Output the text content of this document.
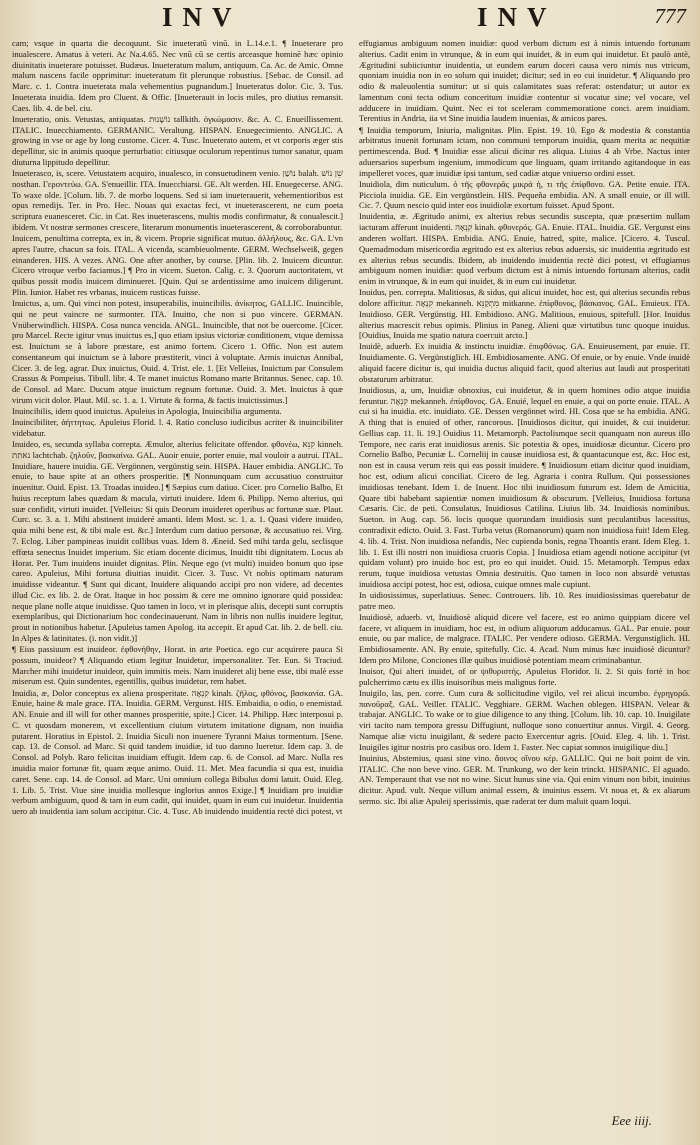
INV	INV	777

cam; vsque in quarta die decoquunt. Sic inueteratū vinū. in L.14.e.1. ¶ Inueterare pro inualescere. Amatus à veteri. Ac Na.4.65. Nec vnū cū se certis arceasque hominē hæc opinio diuinitatis inueterare potuisset. Budæus. Inueteratum malum, antiquum. Ca. Ac. de Amic. Omne malum nascens facile opprimitur: inueteratum fit plerunque robustius. [Sebac. de Consil. ad Marc. c. 1. Contra inueterata mala vehementius pugnandum.] Inueteratus dolor. Cic. 3. Tus. Inueterata inuidia. Idem pro Cluent. & Offic. [Inueterauit in locis miles, pro diutius remansit. Caes. lib. 4. de bel. ciu.

Inueteratio, onis. Vetustas, antiquatas. נוֹשָׁנוּת tallkith. ὀγκώμασιν. &c. A. C. Enueillissement. ITALIC. Inuecchiamento. GERMANIC. Veraltung. HISPAN. Enuegecimiento. ANGLIC. A growing in vse or age by long custome. Cicer. 4. Tusc. Inueterato autem, et vt corporis æger stis depellitur, sic in animis quoque perturbatio: citiusque oculorum repentinus tumor sanatur, quam diuturna lippitudo depellitur.

Inueterasco, is, scere. Vetustatem acquiro, inualesco, in consuetudinem venio. נוֹשַׁן balah. שֵׁן נוֹשׁ nosthan. Γεροντεύω. GA. S'enueillir. ITA. Inuecchiarsi. GE. Alt werden. HI. Enuegecerse. ANG. To waxe olde. [Colum. lib. 7. de morbo loquens. Sed si iam inueterauerit, vehementioribus est opus remedijs. Ter. in Pro. Hec. Nouas qui exactas feci, vt inueterascerent, ne cum poeta scriptura euanesceret. Cic. in Cat. Res inueterascens, multis modis confirmatur, & conualescit.] ibidem. Vt nostræ sermones crescere, literarum monumentis inueterascerent, & corroborabuntur.

Inuicem, penultima correpta, ex in, & vicem. Proprie significat mutuo. ἀλλήλους, &c. GA. L'vn apres l'autre, chacun sa fois. ITAL. A vicenda, scambieuolmente. GERM. Wechselweiß, gegen einanderen. HIS. A vezes. ANG. One after another, by course. [Plin. lib. 2. Inuicem dicuntur. Cicero vtroque verbo faciamus.] ¶ Pro in vicem. Sueton. Calig. c. 3. Quorum auctoritatem, vt quibus possit modis inuicem diminueret. [Quin. Qui se ardentissime amo inuicem diligerunt. Plin. Iunior. Habet res vrbanas, inuicem rusticas fuisse.

Inuictus, a, um. Qui vinci non potest, insuperabilis, inuincibilis. ἀνίκητος, GALLIC. Inuincible, qui ne peut vaincre ne surmonter. ITA. Inuitto, che non si puo vincere. GERMAN. Vnüberwindlich. HISPA. Cosa nunca vencida. ANGL. Inuincible, that not be ouercome. [Cicer. pro Marcel. Recte igitur vnus inuictus es,] quo etiam ipsius victoriæ conditionem, vtque demissa est. Inuictum se à labore præstare, est animo fortem. Cicero 1. Offic. Non est autem consentaneum qui inuictum se à labore præstiterit, vinci à voluptate. Armis inuictus Annibal, Cicer. 3. de leg. agrar. Dux inuictus, Ouid. 4. Trist. ele. 1. [Et Velleius, Inuictum par Consulem Crassus & Pompeius. Tibull. libr. 4. Te manet inuictus Romano marte Britannus. Senec. cap. 10. de Consol. ad Marc. Ducum atque inuictum regnum fortunæ. Ouid. 3. Met. Inuictus à quæ virum vicit dolor. Plaut. Mil. sc. 1. a. 1. Virtute & forma, & factis inuictissimus.]

Inuincibilis, idem quod inuictus. Apuleius in Apologia, Inuincibilia argumenta.

Inuincibiliter, ἀήττητως. Apuleius Florid. l. 4. Ratio concluso iudicibus acriter & inuincibiliter videbatur.

Inuideo, es, secunda syllaba correpta. Æmulor, alterius felicitate offendor. φθονέω, קִנֵּא kinneh. נאתת lachtchab. ζηλοῦν, βασκαίνω. GAL. Auoir enuie, porter enuie, mal vouloir a autrui. ITAL. Inuidiare, hauere inuidia. GE. Vergönnen, vergünstig sein. HISPA. Hauer embidia. ANGLIC. To enuie, to haue spite at an others prosperitie. [¶ Nonnunquam cum accusatiuo construitur inuenitur. Ouid. Epist. 13. Troadas inuideo.] ¶ Sæpius cum datiuo. Cicer. pro Cornelio Balbo, Et huius receptum labes quædam & macula, virtuti inuidere. Idem 6. Philipp. Nemo alterius, qui suæ confidit, virtuti inuidet. [Velleius: Si quis Deorum inuideret operibus ac fortunæ suæ. Plaut. Curc. sc. 3. a. 1. Mihi abstinent inuideré amanti. Idem Most. sc. 1. a. 1. Quasi videre inuideo, quia mihi bene est, & tibi male est. &c.] Interdum cum datiuo personæ, & accusatiuo rei. Virg. 7. Eclog. Liber pampineas inuidit collibus vuas. Idem 8. Æneid. Sed mihi tarda gelu, seclisque effœta senectus Inuidet imperium. Sic etiam docente dicimus, Inuidit tibi dignitatem. Locus ab Horat. Per. Tum inuidens inuidet dignitas. Plin. Neque ego (vt multi) inuideo bonum quo ipse careo. Apuleius, Mihi fortuna diuitias inuidit. Cicer. 3. Tusc. Vt nobis optimam naturam inuidisse videantur. ¶ Sunt qui dicant, Inuidere aliquando accipi pro non videre, ad decentes illud Cic. ex lib. 2. de Orat. Itaque in hoc possim & cere me omnino ignorare quid possidea: neque plane nolle atque inuidisse. Quo tamen in loco, vt in plerisque aliis, decepti sunt corruptis exemplaribus, qui Dictionarium hoc condecinauerunt. Nam in libris non nullis inuidere legitur, prout in notionibus habetur. [Apuleius tamen Apolog. ita accepit. Et apud Cat. lib. 2. de bell. ciu. In Alpes & latinitates. (i. non vidit.)]

¶ Eius passiuum est inuideor. ἐφθονήθην, Horat. in arte Poetica. ego cur acquirere pauca Si possum, inuideor? ¶ Aliquando etiam legitur Inuidetur, impersonaliter. Ter. Eun. Si Traciud. Marcher mihi inuidetur inuideor, quin immitis meis. Nam inuideret alij bene esse, tibi malè esse miserum est. Quin sundentes, egentillis, quibus inuidetur, rem habet.

Inuidia, æ, Dolor conceptus ex aliena prosperitate. קִנְאָה kinah. ζῆλος, φθόνος, βασκανία. GA. Enuie, haine & male grace. ITA. Inuidia. GERM. Vergunst. HIS. Embaidia, o odio, o enemistad. AN. Enuie and ill will for other mannes prosperitie, spite.] Cicer. 14. Philipp. Hæc interposui p. C. vt quosdam monerem, vt excellentium ciuium virtutem imitatione dignam, non inuidia putarent. Horatius in Epistol. 2. Inuidia Siculi non inuenere Tyranni Maius tormentum. [Sene. cap. 13. de Consol. ad Marc. Si quid tandem inuidiæ, id tuo damno lueretur. Idem cap. 3. de Consol. ad Polyb. Raro felicitas inuidiam effugit. Idem cap. 6. de Consol. ad Marc. Nulla res inuidia maior fortunæ fit, quam æque animo. Ouid. 11. Met. Mea facundia si qua est, inuidia caret. Sene. cap. 14. de Consol. ad Marc. Uni omnium collega Bibulus domi latuit. Ouid. Eleg. 1. Lib. 5. Trist. Viue sine inuidia mollesque inglorius annos Exige.] ¶ Inuidiam pro inuidiæ verbum ambiguum, quod & tam in eum cadit, qui inuidet, quam in eum cui inuidetur. Inuidentia uero ab inuidentia iam solum accipitur. Cic. 4. Tusc. Ab inuidendo inuidentia rectè dici potest, vt

effugiamus ambiguum nomen inuidiæ: quod verbum dictum est à nimis intuendo fortunam alterius. Cadit enim in vtrunque, & in eum qui inuidet, & in eum qui inuidetur. Et paulò antè, Ægritudini subiiciuntur inuidentia, ut eundem earum doceri causa vero nimis nus vtricum, quoniam inuidia non in eo solum qui inuidet; dicitur; sed in eo cui inuidetur. ¶ Aliquando pro odio & maleuolentia sumitur: ut si quis calamitates suas referat: ostendatur; ut autor ex lamentum coni tecta odium conceritum inuidiæ contentur si vocatur sine; vel vocare, vel adducere in inuidiam. Quint. Nec ei tot sceleram commemoratione conci. arem inuidiam. Terentius in Andria, iia vt Sine inuidia laudem inuenias, & amicos pares.

¶ Inuidia temporum, Iniuria, malignitas. Plin. Epist. 19. 10. Ego & modestia & constantia arbitratus inuenit fortunam ictam, non communi temporum inuidia, quam merita ac nequitiæ pertimescenda. Bud. ¶ Inuidiæ esse alicui dicitur res aliqua. Liuius 4 ab Vrbe. Nactus inter aduersarios superbum ingenium, immodicum que linguam, quam irritando agitandoque in eas impelleret voces, quæ inuidiæ ipsi tantum, sed cadiæ atque vniuerso ordini esset.

Inuidiola, dim nuticulum. ὁ τῆς φθονερᾶς μικρά ἡ, τι τῆς ἐπίφθονο. GA. Petite enuie. ITA. Picciola inuidia. GE. Ein vergünstlein. HIS. Pequeña embidia. AN. A small enuie, or ill will. Cic. 7. Quum nescio quid inter eos inuidiolæ exortum fuisset. Apud Spont.

Inuidentia, æ. Ægritudo animi, ex alterius rebus secundis suscepta, quæ præsertim nullam iacturam afferunt inuidenti. קִנְאָה kinah. φθονερός. GA. Enuie. ITAL. Inuidia. GE. Vergunst eins anderen wolfart. HISPA. Embidia. ANG. Enuie, hatred, spite, malice. [Cicero. 4. Tuscul. Quemadmodum misericordia ægritudo est ex alterius rebus aduersis, sic inuidentia ægritudo est ex alterius rebus secundis. Ibidem, ab inuidendo inuidentia rectè dici potest, vt effugiamus ambiguum nomen inuidiæ: quod verbum dictum est à nimis intuendo fortunam alterius, cadit enim in vtrunque, & in eum qui inuidet, & in eum cui inuidetur.

Inuidus, pen. correpta. Malitiosus, & sidus, qui alicui inuidet, hoc est, qui alterius secundis rebus dolore afficitur. קִנְאָה mekanneh. מִתְקַנֵּא mitkanne. ἐπίφθονος, βάσκανος. GAL. Enuieux. ITA. Inuidioso. GER. Vergünstig. HI. Embidioso. ANG. Malitious, enuious, spitefull. [Hor. Inuidus alterius macrescit rebus opimis. Plinius in Paneg. Alieni quæ virtutibus tunc quoque inuidus. [Ouidius, Inuida me spatio natura coercuit arcto.]

Inuidè, aduerb. Ex inuidia & instinctu inuidiæ. ἐπιφθόνως. GA. Enuieusement, par enuie. IT. Inuidiamente. G. Vergünstiglich. HI. Embidiosamente. ANG. Of enuie, or by enuie. Vnde inuidè aliquid facere dicitur is, qui inuidia ductus aliquid facit, quod alterius aut laudi aut prosperitati obstaturum arbitratur.

Inuidiosus, a, um, Inuidiæ obnoxius, cui inuidetur, & in quem homines odio atque inuidia feruntur. קִנְאָה mekanneh. ἐπίφθονος. GA. Enuié, lequel en enuie, a qui on porte enuie. ITAL. A cui si ha inuidia. etc. inuidiato. GE. Dessen vergönnet wird. HI. Cosa que se ha embidia. ANG. A thing that is enuied of other, rancorous. [Inuidiosos dicitur, qui inuidet, & cui inuidetur. Gellius cap. 11. li. 19.] Ouidius 11. Metamorph. Pactolismque secit quanquam non aureus illo Tempore, nec caris erat inuidiosus arenis. Sic potestia & opes, inuidiosæ dicuntur. Cicero pro Cornelio Balbo, Pecuniæ L. Corneliij in causæ inuidiosa est, & quantacunque est, &c. Hoc est, non est in causa verum reis qui eas possit inuidere. ¶ Inuidiosum etiam dicitur quod inuidiam, hoc est, odium alicui conciliat. Cicero de leg. Agraria i contra Rullum. Qui possessiones inuidiosas tenebant. Idem 1. de Inuent. Hoc tibi inuidiosum futurum est. Idem de Amicitia, Quare tibi habebant sapientiæ nomen inuidiosum & obscurum. [Velleius, Inuidiosa fortuna Cæsaris. Cic. de peti. Consulatus, Inuidiosus Catilina. Liuius lib. 34. Inuidiosis nominibus. Sueton. in Aug. cap. 56. locis quoque quorundam inuidiosis sunt peculantibus lacessitus, contradixit edicto. Ouid. 3. Fast. Turba vetus (Romanorum) quam non inuidiosa fuit! Idem Eleg. 4. lib. 4. Trist. Non inuidiosa nefandis, Nec cupienda bonis, regna Thoantis erant. Idem Eleg. 1. lib. 1. Est illi nostri non inuidiosa cruoris Copia. ] Inuidiosa etiam agendi notione accipitur (vt quidam volunt) pro inuido hoc est, pro eo qui inuidet. Ouid. 15. Metamorph. Tempus edax rerum, tuque inuidiosa vetustas Omnia destruitis. Quo tamen in loco non absurdè vetustas inuidiosa accipi potest, hoc est, odiosa, cuique omnes male cupiunt.

In uidiosissimus, superlatiuus. Senec. Controuers. lib. 10. Res inuidiosissimas querebatur de patre meo.

Inuidiosè, aduerb. vt, Inuidiosè aliquid dicere vel facere, est eo animo quippiam dicere vel facere, vt aliquem in inuidiam, hoc est, in odium aliquorum adducamus. GAL. Par enuie. pour enuie, ou par malice, de malgrace. ITALIC. Per vendere odioso. GERMA. Vergunstiglich. HI. Embidiosamente. AN. By enuie, spitefully. Cic. 4. Acad. Num minus hæc inuidiosè dicuntur? Idem pro Milone, Conciones illæ quibus inuidiosè potentiam meam criminabantur.

Inuisor, Qui alteri inuidet, of or ψιθυριστής. Apuleius Floridor. li. 2. Si quis fortè in hoc pulcherrimo cætu ex illis inuisoribus meis malignus forte.

Inuigilo, las, pen. corre. Cum cura & sollicitudine vigilo, vel rei alicui incumbo. ἐγρηγορῶ. πανοῦραξ. GAL. Veiller. ITALIC. Vegghiare. GERM. Wachen oblegen. HISPAN. Velear & trabajar. ANGLIC. To wake or to giue diligence to any thing. [Colum. lib. 10. cap. 10. Inuigilate viri tacito nam tempora gressu Diffugiunt, nulloque sono conuertitur annus. Virgil. 4. Georg. Namque aliæ victu inuigilant, & sedere pacto Exercentur agris. [Ouid. Eleg. 4. lib. 1. Trist. Inuigiles igitur nostris pro casibus oro. Idem 1. Faster. Nec capiat somnos inuigilique diu.]

Inuinius, Abstemius, quasi sine vino. ἄοινος οἴνου κέρ. GALLIC. Qui ne boit point de vin. ITALIC. Che non beve vino. GER. M. Trunkung, wo der kein trinckt. HISPANIC. El aguado. AN. Temperaunt that vse not no wine. Sicut hunus sine via. Qui enim vinum non bibit, inuinius dicitur. Apud. vult. Neque villum animal essem, & inuinius essem. Vt noua et, & ex aliarum sermo. sic. Ibi aliæ Apuleij sperissimis, quæ raderat ter dum maluit quam loqui.

Eee iiij.
